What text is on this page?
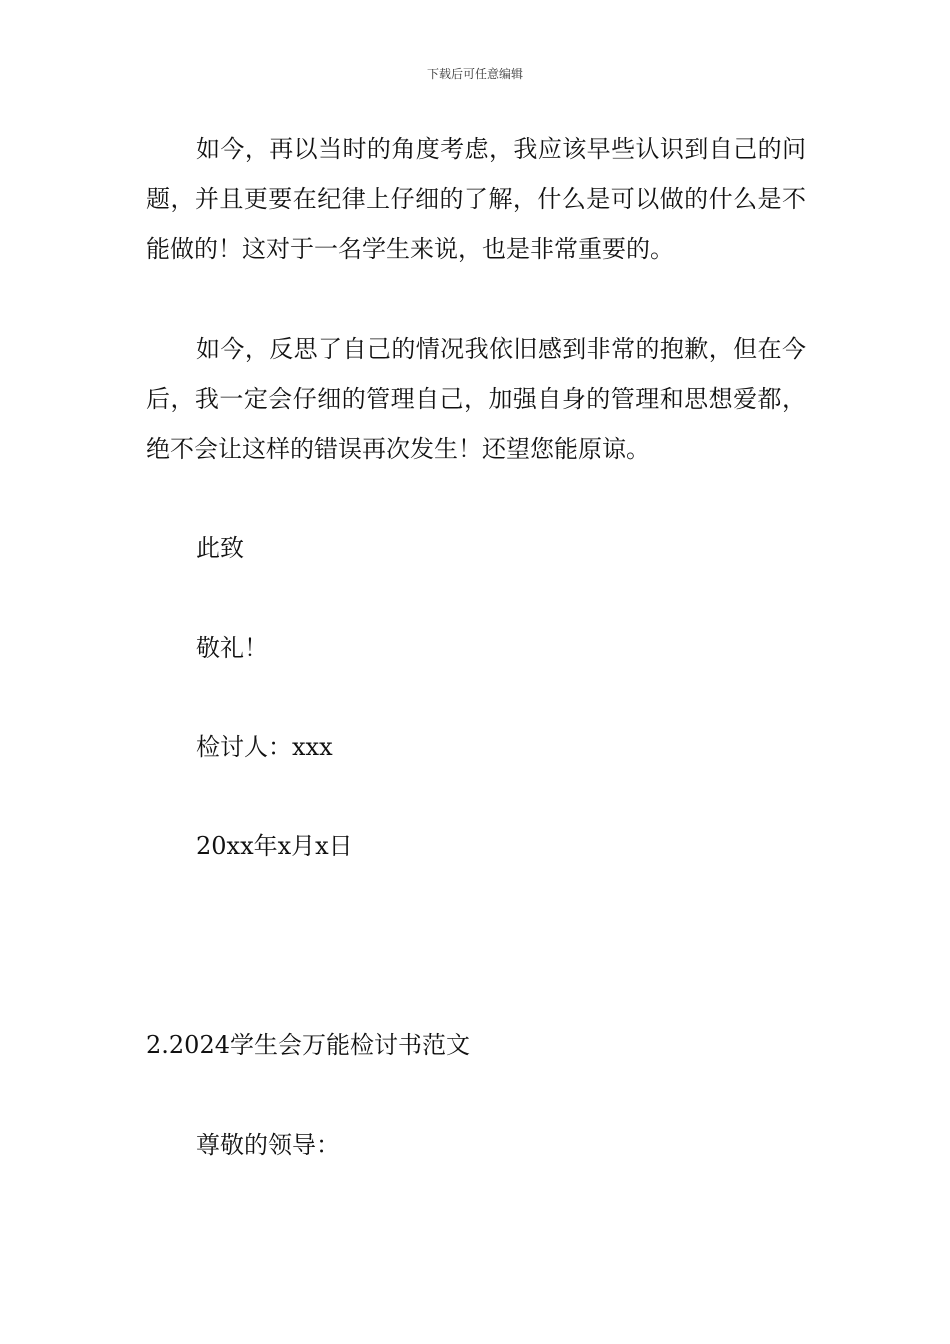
下载后可任意编辑

如今，再以当时的角度考虑，我应该早些认识到自己的问题，并且更要在纪律上仔细的了解，什么是可以做的什么是不能做的！这对于一名学生来说，也是非常重要的。

如今，反思了自己的情况我依旧感到非常的抱歉，但在今后，我一定会仔细的管理自己，加强自身的管理和思想爱都，绝不会让这样的错误再次发生！还望您能原谅。

此致

敬礼！

检讨人：xxx

20xx年x月x日

2.2024学生会万能检讨书范文

尊敬的领导：
